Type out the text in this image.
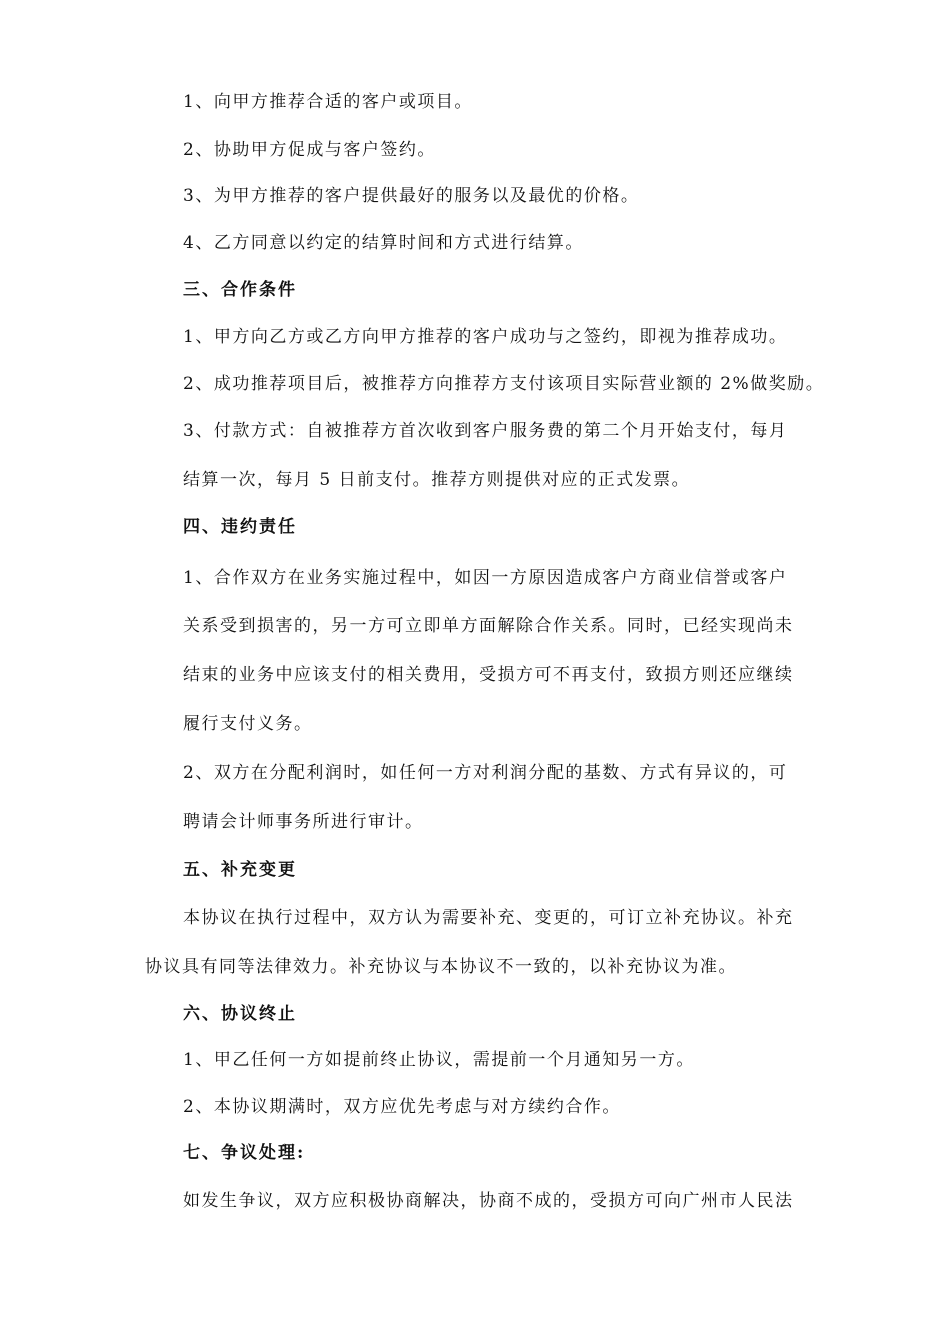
1、向甲方推荐合适的客户或项目。
2、协助甲方促成与客户签约。
3、为甲方推荐的客户提供最好的服务以及最优的价格。
4、乙方同意以约定的结算时间和方式进行结算。
三、合作条件
1、甲方向乙方或乙方向甲方推荐的客户成功与之签约，即视为推荐成功。
2、成功推荐项目后，被推荐方向推荐方支付该项目实际营业额的 2%做奖励。
3、付款方式：自被推荐方首次收到客户服务费的第二个月开始支付，每月
结算一次，每月 5 日前支付。推荐方则提供对应的正式发票。
四、违约责任
1、合作双方在业务实施过程中，如因一方原因造成客户方商业信誉或客户
关系受到损害的，另一方可立即单方面解除合作关系。同时，已经实现尚未
结束的业务中应该支付的相关费用，受损方可不再支付，致损方则还应继续
履行支付义务。
2、双方在分配利润时，如任何一方对利润分配的基数、方式有异议的，可
聘请会计师事务所进行审计。
五、补充变更
本协议在执行过程中，双方认为需要补充、变更的，可订立补充协议。补充
协议具有同等法律效力。补充协议与本协议不一致的，以补充协议为准。
六、协议终止
1、甲乙任何一方如提前终止协议，需提前一个月通知另一方。
2、本协议期满时，双方应优先考虑与对方续约合作。
七、争议处理:
如发生争议，双方应积极协商解决，协商不成的，受损方可向广州市人民法
